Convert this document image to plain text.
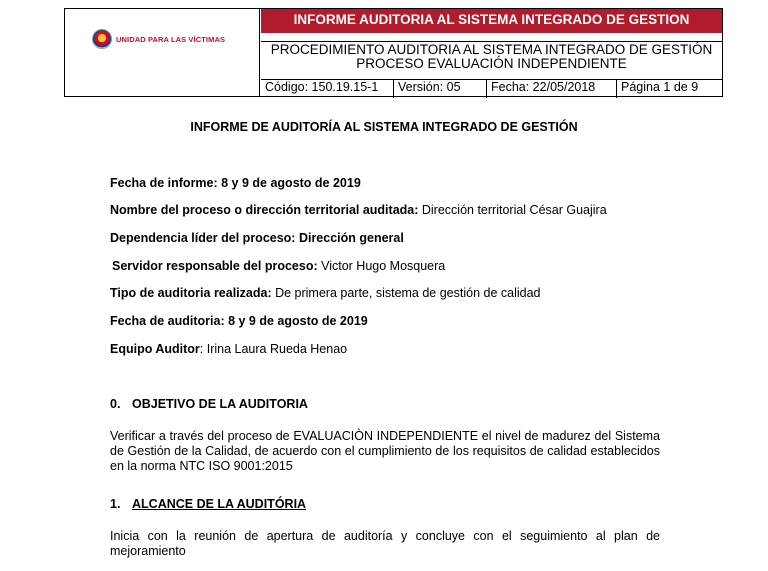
UNIDAD PARA LAS VÍCTIMAS
INFORME AUDITORIA AL SISTEMA INTEGRADO DE GESTION
PROCEDIMIENTO AUDITORIA AL SISTEMA INTEGRADO DE GESTIÓN
PROCESO EVALUACIÓN INDEPENDIENTE
Código: 150.19.15-1	Versión: 05	Fecha: 22/05/2018	Página 1 de 9
INFORME DE AUDITORÍA AL SISTEMA INTEGRADO DE GESTIÓN
Fecha de informe: 8 y 9 de agosto de 2019
Nombre del proceso o dirección territorial auditada: Dirección territorial César Guajira
Dependencia líder del proceso: Dirección general
Servidor responsable del proceso: Victor Hugo Mosquera
Tipo de auditoria realizada: De primera parte, sistema de gestión de calidad
Fecha de auditoria: 8 y 9 de agosto de 2019
Equipo Auditor: Irina Laura Rueda Henao
0. OBJETIVO DE LA AUDITORIA
Verificar a través del proceso de EVALUACIÒN INDEPENDIENTE el nivel de madurez del Sistema de Gestión de la Calidad, de acuerdo con el cumplimiento de los requisitos de calidad establecidos en la norma NTC ISO 9001:2015
1. ALCANCE DE LA AUDITÓRIA
Inicia con la reunión de apertura de auditoría y concluye con el seguimiento al plan de mejoramiento
